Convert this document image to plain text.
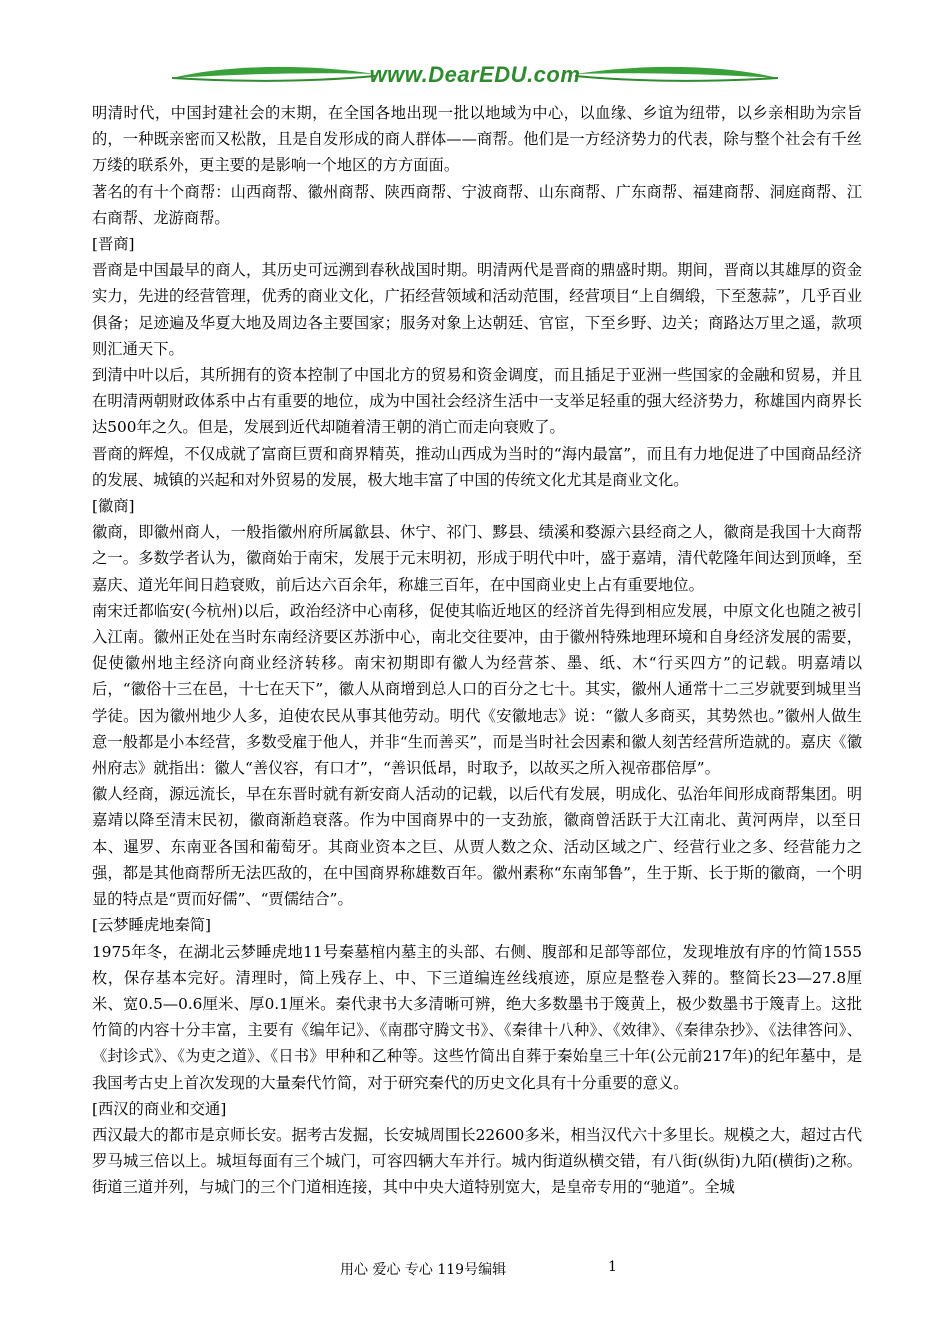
www.DearEDU.com
明清时代，中国封建社会的末期，在全国各地出现一批以地域为中心，以血缘、乡谊为纽带，以乡亲相助为宗旨的，一种既亲密而又松散，且是自发形成的商人群体——商帮。他们是一方经济势力的代表，除与整个社会有千丝万缕的联系外，更主要的是影响一个地区的方方面面。
著名的有十个商帮：山西商帮、徽州商帮、陕西商帮、宁波商帮、山东商帮、广东商帮、福建商帮、洞庭商帮、江右商帮、龙游商帮。
[晋商]
晋商是中国最早的商人，其历史可远溯到春秋战国时期。明清两代是晋商的鼎盛时期。期间，晋商以其雄厚的资金实力，先进的经营管理，优秀的商业文化，广拓经营领域和活动范围，经营项目“上自绸缎，下至葱蒜”，几乎百业俱备；足迹遍及华夏大地及周边各主要国家；服务对象上达朝廷、官宦，下至乡野、边关；商路达万里之遥，款项则汇通天下。
到清中叶以后，其所拥有的资本控制了中国北方的贸易和资金调度，而且插足于亚洲一些国家的金融和贸易，并且在明清两朝财政体系中占有重要的地位，成为中国社会经济生活中一支举足轻重的强大经济势力，称雄国内商界长达500年之久。但是，发展到近代却随着清王朝的消亡而走向衰败了。
晋商的辉煌，不仅成就了富商巨贾和商界精英，推动山西成为当时的“海内最富”，而且有力地促进了中国商品经济的发展、城镇的兴起和对外贸易的发展，极大地丰富了中国的传统文化尤其是商业文化。
[徽商]
徽商，即徽州商人，一般指徽州府所属歙县、休宁、祁门、黟县、绩溪和婺源六县经商之人，徽商是我国十大商帮之一。多数学者认为，徽商始于南宋，发展于元末明初，形成于明代中叶，盛于嘉靖，清代乾隆年间达到顶峰，至嘉庆、道光年间日趋衰败，前后达六百余年，称雄三百年，在中国商业史上占有重要地位。
南宋迁都临安(今杭州)以后，政治经济中心南移，促使其临近地区的经济首先得到相应发展，中原文化也随之被引入江南。徽州正处在当时东南经济要区苏浙中心，南北交往要冲，由于徽州特殊地理环境和自身经济发展的需要，促使徽州地主经济向商业经济转移。南宋初期即有徽人为经营茶、墨、纸、木“行买四方”的记载。明嘉靖以后，“徽俗十三在邑，十七在天下”，徽人从商增到总人口的百分之七十。其实，徽州人通常十二三岁就要到城里当学徒。因为徽州地少人多，迫使农民从事其他劳动。明代《安徽地志》说：“徽人多商买，其势然也。”徽州人做生意一般都是小本经营，多数受雇于他人，并非“生而善买”，而是当时社会因素和徽人刻苦经营所造就的。嘉庆《徽州府志》就指出：徽人“善仪容，有口才”，“善识低昂，时取予，以故买之所入视帝郡倍厚”。
徽人经商，源远流长，早在东晋时就有新安商人活动的记载，以后代有发展，明成化、弘治年间形成商帮集团。明嘉靖以降至清末民初，徽商渐趋衰落。作为中国商界中的一支劲旅，徽商曾活跃于大江南北、黄河两岸，以至日本、暹罗、东南亚各国和葡萄牙。其商业资本之巨、从贾人数之众、活动区域之广、经营行业之多、经营能力之强，都是其他商帮所无法匹敌的，在中国商界称雄数百年。徽州素称“东南邹鲁”，生于斯、长于斯的徽商，一个明显的特点是“贾而好儒”、“贾儒结合”。
[云梦睡虎地秦简]
1975年冬，在湖北云梦睡虎地11号秦墓棺内墓主的头部、右侧、腹部和足部等部位，发现堆放有序的竹简1555枚，保存基本完好。清理时，简上残存上、中、下三道编连丝线痕迹，原应是整卷入葬的。整简长23—27.8厘米、宽0.5—0.6厘米、厚0.1厘米。秦代隶书大多清晰可辨，绝大多数墨书于篾黄上，极少数墨书于篾青上。这批竹简的内容十分丰富，主要有《编年记》、《南郡守腾文书》、《秦律十八种》、《效律》、《秦律杂抄》、《法律答问》、《封诊式》、《为吏之道》、《日书》甲种和乙种等。这些竹简出自葬于秦始皇三十年(公元前217年)的纪年墓中，是我国考古史上首次发现的大量秦代竹简，对于研究秦代的历史文化具有十分重要的意义。
[西汉的商业和交通]
西汉最大的都市是京师长安。据考古发掘，长安城周围长22600多米，相当汉代六十多里长。规模之大，超过古代罗马城三倍以上。城垣每面有三个城门，可容四辆大车并行。城内街道纵横交错，有八街(纵街)九陌(横街)之称。街道三道并列，与城门的三个门道相连接，其中中央大道特别宽大，是皇帝专用的“驰道”。全城
用心 爱心 专心 119号编辑	1
